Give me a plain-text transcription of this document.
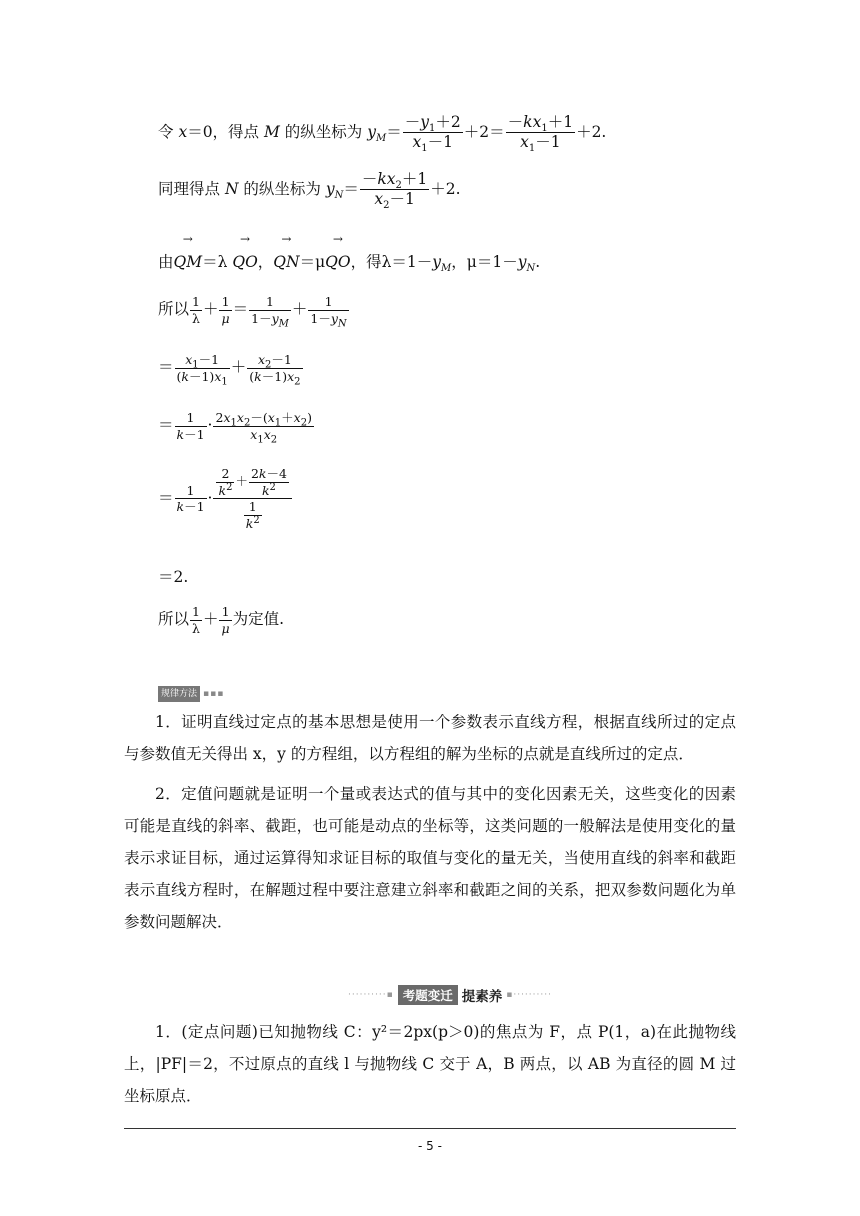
令 x＝0，得点 M 的纵坐标为 $y_M= \frac{-y_1+2}{x_1-1} +2= \frac{-kx_1+1}{x_1-1} +2$.
同理得点 N 的纵坐标为 $y_N= \frac{-kx_2+1}{x_2-1} +2$.
由→ QM＝λ → QO，→ QN＝μ→ QO，得$\lambda=1-y_M$，$\mu=1-y_N$.
所以 $\frac{1}{\lambda} + \frac{1}{\mu} = \frac{1}{1-y_M} + \frac{1}{1-y_N}$
＝ $\frac{x_1-1}{(k-1)x_1} + \frac{x_2-1}{(k-1)x_2}$
＝ $\frac{1}{k-1} \cdot \frac{2x_1x_2-(x_1+x_2)}{x_1x_2}$
＝ $\frac{1}{k-1} \cdot \frac{\frac{2}{k^2} + \frac{2k-4}{k^2}}{\frac{1}{k^2}}$
＝2.
所以 $\frac{1}{\lambda} + \frac{1}{\mu}$ 为定值.
规律方法 ▪▪▪

1．证明直线过定点的基本思想是使用一个参数表示直线方程，根据直线所过的定点与参数值无关得出 x，y 的方程组，以方程组的解为坐标的点就是直线所过的定点．

2．定值问题就是证明一个量或表达式的值与其中的变化因素无关，这些变化的因素可能是直线的斜率、截距，也可能是动点的坐标等，这类问题的一般解法是使用变化的量表示求证目标，通过运算得知求证目标的取值与变化的量无关，当使用直线的斜率和截距表示直线方程时，在解题过程中要注意建立斜率和截距之间的关系，把双参数问题化为单参数问题解决．

··········▪ 考题变迁 提素养 ▪··········

1．(定点问题)已知抛物线 C：y²＝2px(p＞0)的焦点为 F，点 P(1，a)在此抛物线上，|PF|＝2，不过原点的直线 l 与抛物线 C 交于 A，B 两点，以 AB 为直径的圆 M 过坐标原点．

- 5 -
